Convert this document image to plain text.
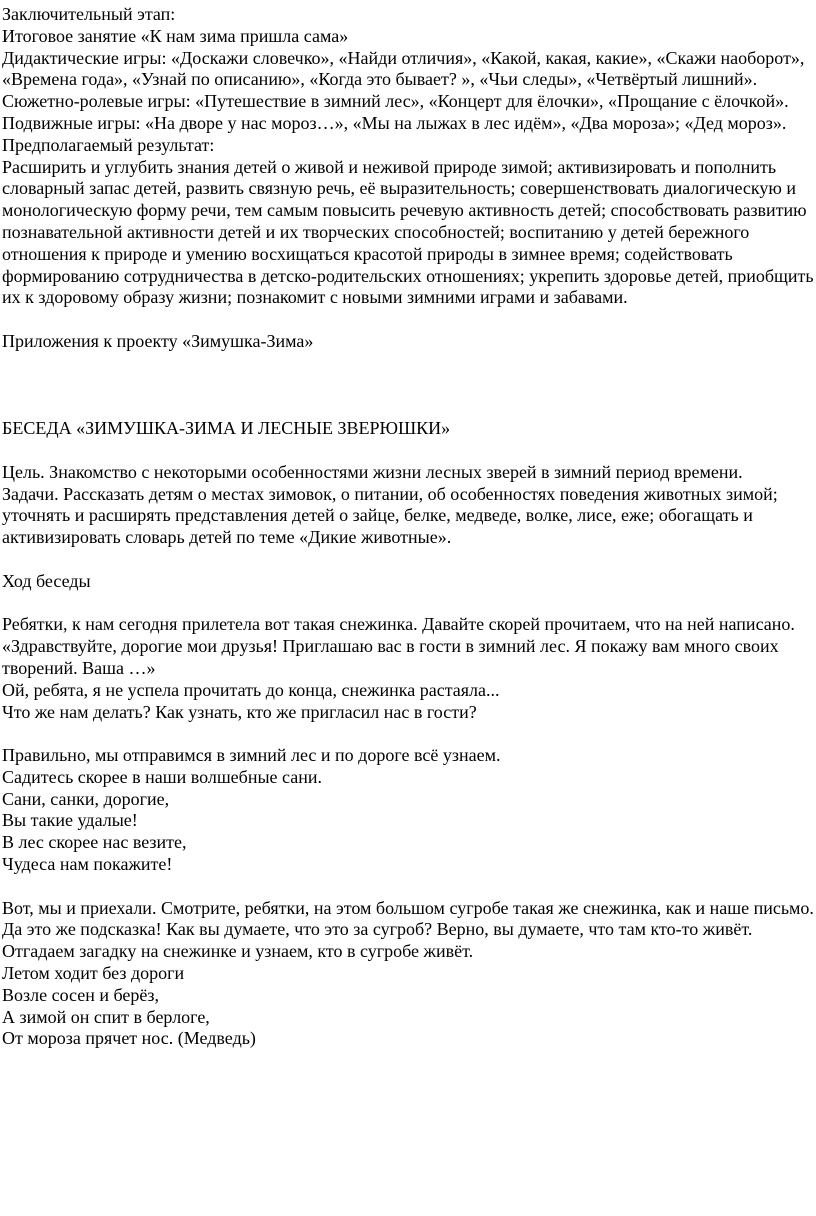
Заключительный этап:

Итоговое занятие «К нам зима пришла сама»

Дидактические игры: «Доскажи словечко», «Найди отличия», «Какой, какая, какие», «Скажи наоборот», «Времена года», «Узнай по описанию», «Когда это бывает? », «Чьи следы», «Четвёртый лишний».

Сюжетно-ролевые игры: «Путешествие в зимний лес», «Концерт для ёлочки», «Прощание с ёлочкой».

Подвижные игры: «На дворе у нас мороз…», «Мы на лыжах в лес идём», «Два мороза»; «Дед мороз».

Предполагаемый результат:

Расширить и углубить знания детей о живой и неживой природе зимой; активизировать и пополнить словарный запас детей, развить связную речь, её выразительность; совершенствовать диалогическую и монологическую форму речи, тем самым повысить речевую активность детей; способствовать развитию познавательной активности детей и их творческих способностей; воспитанию у детей бережного отношения к природе и умению восхищаться красотой природы в зимнее время; содействовать формированию сотрудничества в детско-родительских отношениях; укрепить здоровье детей, приобщить их к здоровому образу жизни; познакомит с новыми зимними играми и забавами.

Приложения к проекту «Зимушка-Зима»

БЕСЕДА «ЗИМУШКА-ЗИМА И ЛЕСНЫЕ ЗВЕРЮШКИ»

Цель. Знакомство с некоторыми особенностями жизни лесных зверей в зимний период времени.

Задачи. Рассказать детям о местах зимовок, о питании, об особенностях поведения животных зимой; уточнять и расширять представления детей о зайце, белке, медведе, волке, лисе, еже; обогащать и активизировать словарь детей по теме «Дикие животные».

Ход беседы

Ребятки, к нам сегодня прилетела вот такая снежинка. Давайте скорей прочитаем, что на ней написано. «Здравствуйте, дорогие мои друзья! Приглашаю вас в гости в зимний лес. Я покажу вам много своих творений. Ваша …»

Ой, ребята, я не успела прочитать до конца, снежинка растаяла...

Что же нам делать? Как узнать, кто же пригласил нас в гости?

Правильно, мы отправимся в зимний лес и по дороге всё узнаем.

Садитесь скорее в наши волшебные сани.

Сани, санки, дорогие,

Вы такие удалые!

В лес скорее нас везите,

Чудеса нам покажите!

Вот, мы и приехали. Смотрите, ребятки, на этом большом сугробе такая же снежинка, как и наше письмо. Да это же подсказка! Как вы думаете, что это за сугроб? Верно, вы думаете, что там кто-то живёт. Отгадаем загадку на снежинке и узнаем, кто в сугробе живёт.

Летом ходит без дороги

Возле сосен и берёз,

А зимой он спит в берлоге,

От мороза прячет нос. (Медведь)
